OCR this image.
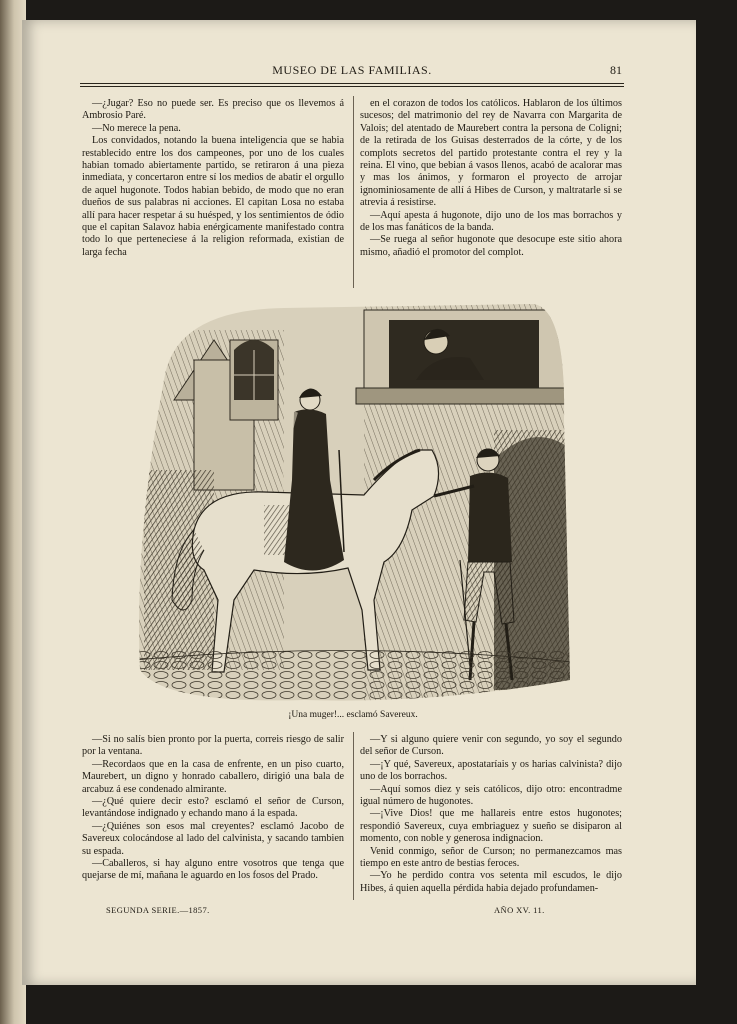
MUSEO DE LAS FAMILIAS.	81

—¿Jugar? Eso no puede ser. Es preciso que os llevemos á Ambrosio Paré.

—No merece la pena.

Los convidados, notando la buena inteligencia que se habia restablecido entre los dos campeones, por uno de los cuales habian tomado abiertamente partido, se retiraron á una pieza inmediata, y concertaron entre sí los medios de abatir el orgullo de aquel hugonote. Todos habian bebido, de modo que no eran dueños de sus palabras ni acciones. El capitan Losa no estaba allí para hacer respetar á su huésped, y los sentimientos de ódio que el capitan Salavoz habia enérgicamente manifestado contra todo lo que perteneciese á la religion reformada, existian de larga fecha

en el corazon de todos los católicos. Hablaron de los últimos sucesos; del matrimonio del rey de Navarra con Margarita de Valois; del atentado de Maurebert contra la persona de Coligni; de la retirada de los Guisas desterrados de la córte, y de los complots secretos del partido protestante contra el rey y la reina. El vino, que bebian á vasos llenos, acabó de acalorar mas y mas los ánimos, y formaron el proyecto de arrojar ignominiosamente de allí á Hibes de Curson, y maltratarle si se atrevia á resistirse.

—Aquí apesta á hugonote, dijo uno de los mas borrachos y de los mas fanáticos de la banda.

—Se ruega al señor hugonote que desocupe este sitio ahora mismo, añadió el promotor del complot.

¡Una muger!... esclamó Savereux.

—Si no salís bien pronto por la puerta, correis riesgo de salir por la ventana.

—Recordaos que en la casa de enfrente, en un piso cuarto, Maurebert, un digno y honrado caballero, dirigió una bala de arcabuz á ese condenado almirante.

—¿Qué quiere decir esto? esclamó el señor de Curson, levantándose indignado y echando mano á la espada.

—¿Quiénes son esos mal creyentes? esclamó Jacobo de Savereux colocándose al lado del calvinista, y sacando tambien su espada.

—Caballeros, si hay alguno entre vosotros que tenga que quejarse de mí, mañana le aguardo en los fosos del Prado.

—Y si alguno quiere venir con segundo, yo soy el segundo del señor de Curson.

—¡Y qué, Savereux, apostataríais y os harias calvinista? dijo uno de los borrachos.

—Aquí somos diez y seis católicos, dijo otro: encontradme igual número de hugonotes.

—¡Vive Dios! que me hallareis entre estos hugonotes; respondió Savereux, cuya embriaguez y sueño se disiparon al momento, con noble y generosa indignacion.

Venid conmigo, señor de Curson; no permanezcamos mas tiempo en este antro de bestias feroces.

—Yo he perdido contra vos setenta mil escudos, le dijo Hibes, á quien aquella pérdida habia dejado profundamen-

SEGUNDA SERIE.—1857.	AÑO XV. 11.
